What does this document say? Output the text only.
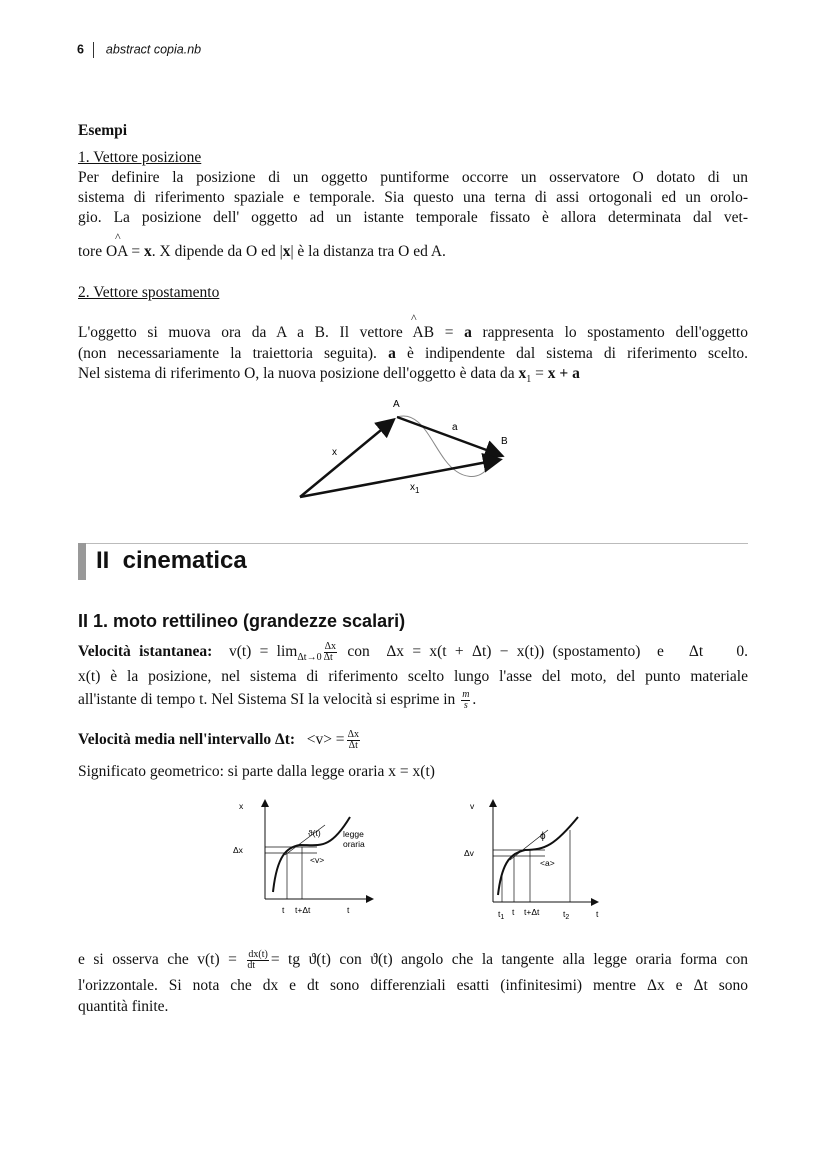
6 abstract copia.nb
Esempi
1. Vettore posizione
Per definire la posizione di un oggetto puntiforme occorre un osservatore O dotato di un
sistema di riferimento spaziale e temporale. Sia questo una terna di assi ortogonali ed un orolo-
gio. La posizione dell' oggetto ad un istante temporale fissato è allora determinata dal vet-
^
tore OA = x. X dipende da O ed |x| è la distanza tra O ed A.
2. Vettore spostamento
^
L'oggetto si muova ora da A a B. Il vettore AB = a rappresenta lo spostamento dell'oggetto
(non necessariamente la traiettoria seguita). a è indipendente dal sistema di riferimento scelto.
Nel sistema di riferimento O, la nuova posizione dell'oggetto è data da $x_1 = x + a$
A
B
a
x
$x_1$
II  cinematica
II 1. moto rettilineo (grandezze scalari)
Velocità istantanea: $v(t) = \lim_{\Delta t\to 0} \frac{\Delta x}{\Delta t}$ con  Δx = x(t + Δt) − x(t)) (spostamento)  e   Δt    0.
x(t) è la posizione, nel sistema di riferimento scelto lungo l'asse del moto, del punto materiale
all'istante di tempo t. Nel Sistema SI la velocità si esprime in $\frac{m}{s}$ .
Velocità media nell'intervallo Δt: $<v> = \frac{\Delta x}{\Delta t}$
Significato geometrico: si parte dalla legge oraria x = x(t)
x
Δx
ϑ(t)	legge
oraria
<v>
t t+Δt	t
v
Δv
ϕ
<a>
$t_1$
t t+Δt	$t_2$	t
e si osserva che $v(t) = \frac{dx(t)}{dt}$ = tg ϑ(t) con ϑ(t) angolo che la tangente alla legge oraria forma con
l'orizzontale. Si nota che dx e dt sono differenziali esatti (infinitesimi) mentre Δx e Δt sono
quantità finite.
